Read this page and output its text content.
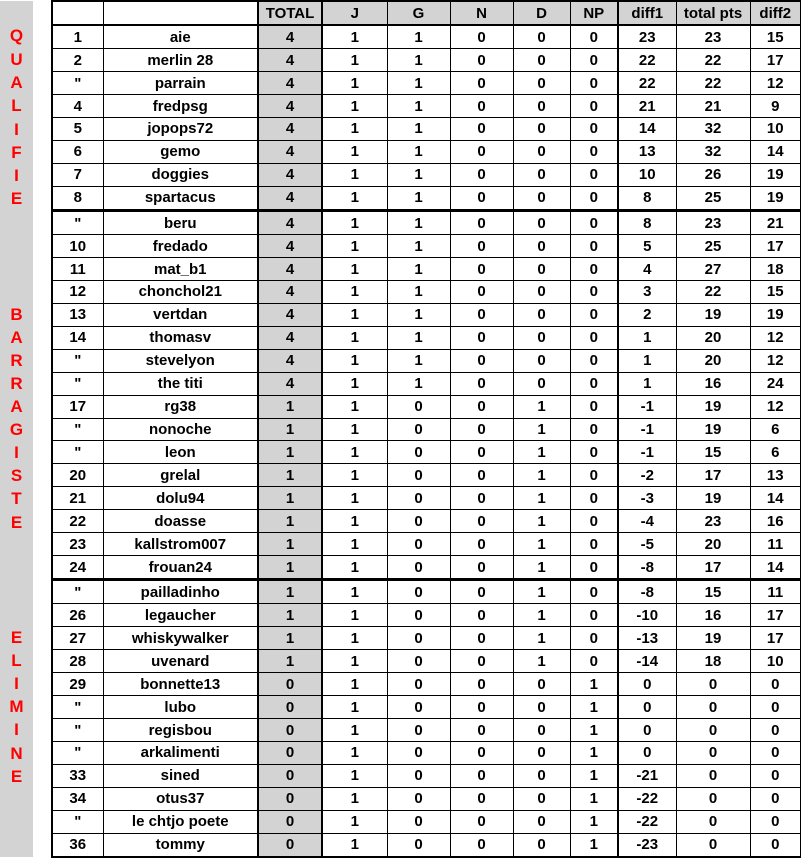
Q
U
A
L
I
F
I
E
				TOTAL	J	G	N	D	NP	diff1	total pts	diff2
		1	aie	4	1	1	0	0	0	23	23	15
		2	merlin 28	4	1	1	0	0	0	22	22	17
		"	parrain	4	1	1	0	0	0	22	22	12
		4	fredpsg	4	1	1	0	0	0	21	21	9
		5	jopops72	4	1	1	0	0	0	14	32	10
		6	gemo	4	1	1	0	0	0	13	32	14
		7	doggies	4	1	1	0	0	0	10	26	19
		8	spartacus	4	1	1	0	0	0	8	25	19

B
A
R
R
A
G
I
S
T
E
		"	beru	4	1	1	0	0	0	8	23	21
		10	fredado	4	1	1	0	0	0	5	25	17
		11	mat_b1	4	1	1	0	0	0	4	27	18
		12	chonchol21	4	1	1	0	0	0	3	22	15
		13	vertdan	4	1	1	0	0	0	2	19	19
		14	thomasv	4	1	1	0	0	0	1	20	12
		"	stevelyon	4	1	1	0	0	0	1	20	12
		"	the titi	4	1	1	0	0	0	1	16	24
		17	rg38	1	1	0	0	1	0	-1	19	12
		"	nonoche	1	1	0	0	1	0	-1	19	6
		"	leon	1	1	0	0	1	0	-1	15	6
		20	grelal	1	1	0	0	1	0	-2	17	13
		21	dolu94	1	1	0	0	1	0	-3	19	14
		22	doasse	1	1	0	0	1	0	-4	23	16
		23	kallstrom007	1	1	0	0	1	0	-5	20	11
		24	frouan24	1	1	0	0	1	0	-8	17	14

E
L
I
M
I
N
E
		"	pailladinho	1	1	0	0	1	0	-8	15	11
		26	legaucher	1	1	0	0	1	0	-10	16	17
		27	whiskywalker	1	1	0	0	1	0	-13	19	17
		28	uvenard	1	1	0	0	1	0	-14	18	10
		29	bonnette13	0	1	0	0	0	1	0	0	0
		"	lubo	0	1	0	0	0	1	0	0	0
		"	regisbou	0	1	0	0	0	1	0	0	0
		"	arkalimenti	0	1	0	0	0	1	0	0	0
		33	sined	0	1	0	0	0	1	-21	0	0
		34	otus37	0	1	0	0	0	1	-22	0	0
		"	le chtjo poete	0	1	0	0	0	1	-22	0	0
		36	tommy	0	1	0	0	0	1	-23	0	0
